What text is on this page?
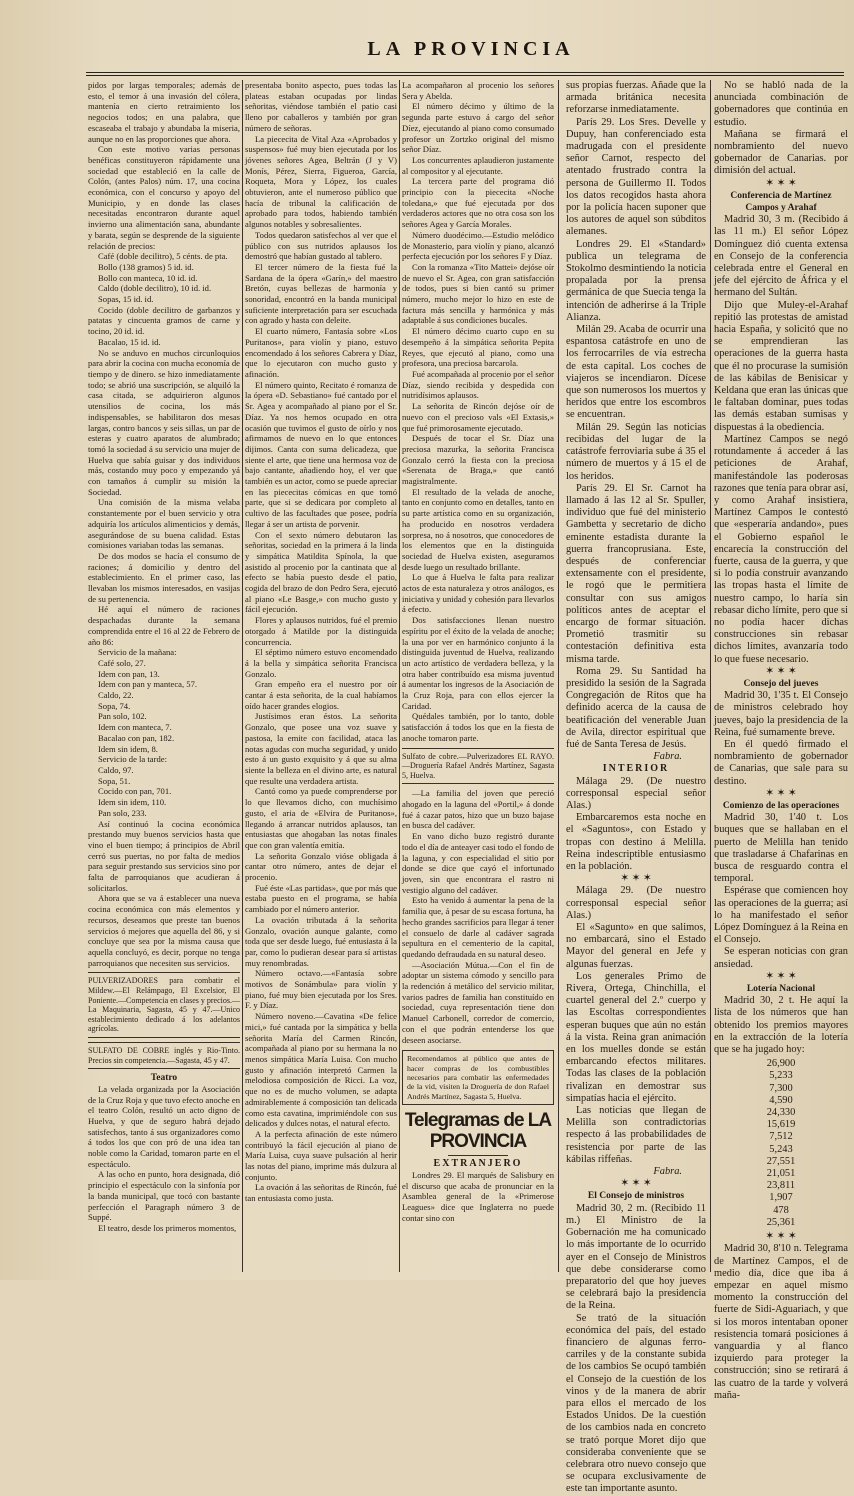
LA PROVINCIA

pidos por largas temporales; además de esto, el temor á una invasión del cólera, mantenía en cierto retraimiento los negocios todos; en una palabra, que escaseaba el trabajo y abundaba la miseria, aunque no en las proporciones que ahora.

Con este motivo varias personas benéficas constituyeron rápidamente una sociedad que estableció en la calle de Colón, (antes Palos) núm. 17, una cocina económica, con el concurso y apoyo del Municipio, y en donde las clases necesitadas encontraron durante aquel invierno una alimentación sana, abundante y barata, según se desprende de la siguiente relación de precios:

Café (doble decilitro), 5 cénts. de pta.

Bollo (138 gramos) 5 id. id.

Bollo con manteca, 10 id. id.

Caldo (doble decilitro), 10 id. id.

Sopas, 15 id. id.

Cocido (doble decilitro de garbanzos y patatas y cincuenta gramos de carne y tocino, 20 id. id.

Bacalao, 15 id. id.

No se anduvo en muchos circunloquios para abrir la cocina con mucha economía de tiempo y de dinero. se hizo inmediatamente todo; se abrió una suscripción, se alquiló la casa citada, se adquirieron algunos utensilios de cocina, los más indispensables, se habilitaron dos mesas largas, contro bancos y seis sillas, un par de esteras y cuatro aparatos de alumbrado; tomó la sociedad á su servicio una mujer de Huelva que sabía guisar y dos individuos más, costando muy poco y empezando yá con tamaños á cumplir su misión la Sociedad.

Una comisión de la misma velaba constantemente por el buen servicio y otra adquiría los artículos alimenticios y demás, asegurándose de su buena calidad. Estas comisiones variaban todas las semanas.

De dos modos se hacía el consumo de raciones; á domicilio y dentro del establecimiento. En el primer caso, las llevaban los mismos interesados, en vasijas de su pertenencia.

Hé aquí el número de raciones despachadas durante la semana comprendida entre el 16 al 22 de Febrero de año 86:

Servicio de la mañana:

Café solo, 27.

Idem con pan, 13.

Idem con pan y manteca, 57.

Caldo, 22.

Sopa, 74.

Pan solo, 102.

Idem con manteca, 7.

Bacalao con pan, 182.

Idem sin idem, 8.

Servicio de la tarde:

Caldo, 97.

Sopa, 51.

Cocido con pan, 701.

Idem sin idem, 110.

Pan solo, 233.

Así continuó la cocina económica prestando muy buenos servicios hasta que vino el buen tiempo; á principios de Abril cerró sus puertas, no por falta de medios para seguir prestando sus servicios sino por falta de parroquianos que acudieran á solicitarlos.

Ahora que se va á establecer una nueva cocina económica con más elementos y recursos, deseamos que preste tan buenos servicios ó mejores que aquella del 86, y si concluye que sea por la misma causa que aquella concluyó, es decir, porque no tenga parroquianos que necesiten sus servicios.

PULVERIZADORES para combatir el Mildew.—El Relámpago, El Excelsior, El Poniente.—Competencia en clases y precios.—La Maquinaria, Sagasta, 45 y 47.—Unico establecimiento dedicado á los adelantos agrícolas.

SULFATO DE COBRE inglés y Rio-Tinto. Precios sin competencia.—Sagasta, 45 y 47.

Teatro

La velada organizada por la Asociación de la Cruz Roja y que tuvo efecto anoche en el teatro Colón, resultó un acto digno de Huelva, y que de seguro habrá dejado satisfechos, tanto á sus organizadores como á todos los que con pró de una idea tan noble como la Caridad, tomaron parte en el espectáculo.

A las ocho en punto, hora designada, dió principio el espectáculo con la sinfonía por la banda municipal, que tocó con bastante perfección el Paragraph número 3 de Suppé.

El teatro, desde los primeros momentos,

presentaba bonito aspecto, pues todas las plateas estaban ocupadas por lindas señoritas, viéndose también el patio casi lleno por caballeros y también por gran número de señoras.

La piececita de Vital Aza «Aprobados y suspensos» fué muy bien ejecutada por los jóvenes señores Agea, Beltrán (J y V) Monís, Pérez, Sierra, Figueroa, García, Roqueta, Mora y López, los cuales obtuvieron, ante el numeroso público que hacía de tribunal la calificación de aprobado para todos, habiendo también algunos notables y sobresalientes.

Todos quedaron satisfechos al ver que el público con sus nutridos aplausos los demostró que habían gustado al tablero.

El tercer número de la fiesta fué la Sardana de la ópera «Garín,» del maestro Bretón, cuyas bellezas de harmonía y sonoridad, encontró en la banda municipal suficiente interpretación para ser escuchada con agrado y hasta con deleite.

El cuarto número, Fantasía sobre «Los Puritanos», para violín y piano, estuvo encomendado á los señores Cabrera y Díaz, que lo ejecutaron con mucho gusto y afinación.

El número quinto, Recitato é romanza de la ópera «D. Sebastiano» fué cantado por el Sr. Agea y acompañado al piano por el Sr. Díaz. Ya nos hemos ocupado en otra ocasión que tuvimos el gusto de oírlo y nos afirmamos de nuevo en lo que entonces dijimos. Canta con suma delicadeza, que siente el arte, que tiene una hermosa voz de bajo cantante, añadiendo hoy, el ver que también es un actor, como se puede apreciar en las piececitas cómicas en que tomó parte, que si se dedicara por completo al cultivo de las facultades que posee, podría llegar á ser un artista de porvenir.

Con el sexto número debutaron las señoritas, sociedad en la primera á la linda y simpática Matildita Spínola, la que asistido al procenio por la cantinata que al efecto se había puesto desde el patio, cogida del brazo de don Pedro Sera, ejecutó al piano «Le Basge,» con mucho gusto y fácil ejecución.

Flores y aplausos nutridos, fué el premio otorgado á Matilde por la distinguida concurrencia.

El séptimo número estuvo encomendado á la bella y simpática señorita Francisca Gonzalo.

Gran empeño era el nuestro por oír cantar á esta señorita, de la cual habíamos oído hacer grandes elogios.

Justísimos eran éstos. La señorita Gonzalo, que posee una voz suave y pastosa, la emite con facilidad, ataca las notas agudas con mucha seguridad, y unido esto á un gusto exquisito y á que su alma siente la belleza en el divino arte, es natural que resulte una verdadera artista.

Cantó como ya puede comprenderse por lo que llevamos dicho, con muchísimo gusto, el aria de «Elvira de Puritanos», llegando á arrancar nutridos aplausos, tan entusiastas que ahogaban las notas finales que con gran valentía emitía.

La señorita Gonzalo vióse obligada á cantar otro número, antes de dejar el procenio.

Fué éste «Las partidas», que por más que estaba puesto en el programa, se había cambiado por el número anterior.

La ovación tributada á la señorita Gonzalo, ovación aunque galante, como toda que ser desde luego, fué entusiasta á la par, como lo pudieran desear para sí artistas muy renombradas.

Número octavo.—«Fantasía sobre motivos de Sonámbula» para violín y piano, fué muy bien ejecutada por los Sres. F. y Díaz.

Número noveno.—Cavatina «De felice mici,» fué cantada por la simpática y bella señorita María del Carmen Rincón, acompañada al piano por su hermana la no menos simpática María Luisa. Con mucho gusto y afinación interpretó Carmen la melodiosa composición de Ricci. La voz, que no es de mucho volumen, se adapta admirablemente á composición tan delicada como esta cavatina, imprimiéndole con sus delicados y dulces notas, el natural efecto.

A la perfecta afinación de este número contribuyó la fácil ejecución al piano de María Luisa, cuya suave pulsación al herir las notas del piano, imprime más dulzura al conjunto.

La ovación á las señoritas de Rincón, fué tan entusiasta como justa.

La acompañaron al procenio los señores Sera y Abelda.

El número décimo y último de la segunda parte estuvo á cargo del señor Díez, ejecutando al piano como consumado profesor un Zortzko original del mismo señor Díaz.

Los concurrentes aplaudieron justamente al compositor y al ejecutante.

La tercera parte del programa dió principio con la piececita «Noche toledana,» que fué ejecutada por dos verdaderos actores que no otra cosa son los señores Agea y García Morales.

Número duodécimo.—Estudio melódico de Monasterio, para violín y piano, alcanzó perfecta ejecución por los señores F y Díaz.

Con la romanza «Tito Mattei» dejóse oír de nuevo el Sr. Agea, con gran satisfacción de todos, pues si bien cantó su primer número, mucho mejor lo hizo en este de factura más sencilla y harmónica y más adaptable á sus condiciones bucales.

El número décimo cuarto cupo en su desempeño á la simpática señorita Pepita Reyes, que ejecutó al piano, como una profesora, una preciosa barcarola.

Fué acompañada al procenio por el señor Díaz, siendo recibida y despedida con nutridísimos aplausos.

La señorita de Rincón dejóse oír de nuevo con el precioso vals «El Extasis,» que fué primorosamente ejecutado.

Después de tocar el Sr. Díaz una preciosa mazurka, la señorita Francisca Gonzalo cerró la fiesta con la preciosa «Serenata de Braga,» que cantó magistralmente.

El resultado de la velada de anoche, tanto en conjunto como en detalles, tanto en su parte artística como en su organización, ha producido en nosotros verdadera sorpresa, no á nosotros, que conocedores de los elementos que en la distinguida sociedad de Huelva existen, aseguramos desde luego un resultado brillante.

Lo que á Huelva le falta para realizar actos de esta naturaleza y otros análogos, es iniciativa y unidad y cohesión para llevarlos á efecto.

Dos satisfacciones llenan nuestro espíritu por el éxito de la velada de anoche; la una por ver en harmónico conjunto á la distinguida juventud de Huelva, realizando un acto artístico de verdadera belleza, y la otra haber contribuído esa misma juventud á aumentar los ingresos de la Asociación de la Cruz Roja, para con ellos ejercer la Caridad.

Quédales también, por lo tanto, doble satisfacción á todos los que en la fiesta de anoche tomaron parte.

Sulfato de cobre.—Pulverizadores EL RAYO.—Droguería Rafael Andrés Martínez, Sagasta 5, Huelva.

—La familia del joven que pereció ahogado en la laguna del «Portil,» á donde fué á cazar patos, hizo que un buzo bajase en busca del cadáver.

En vano dicho buzo registró durante todo el día de anteayer casi todo el fondo de la laguna, y con especialidad el sitio por donde se dice que cayó el infortunado joven, sin que encontrara el rastro ni vestigio alguno del cadáver.

Esto ha venido á aumentar la pena de la familia que, á pesar de su escasa fortuna, ha hecho grandes sacrificios para llegar á tener el consuelo de darle al cadáver sagrada sepultura en el cementerio de la capital, quedando defraudada en su natural deseo.

—Asociación Mútua.—Con el fin de adoptar un sistema cómodo y sencillo para la redención á metálico del servicio militar, varios padres de familia han constituído en sociedad, cuya representación tiene don Manuel Carbonell, corredor de comercio, con el que podrán entenderse los que deseen asociarse.

Recomendamos al público que antes de hacer compras de los combustibles necesarios para combatir las enfermedades de la vid, visiten la Droguería de don Rafael Andrés Martínez, Sagasta 5, Huelva.

Telegramas de LA PROVINCIA

EXTRANJERO

Londres 29. El marqués de Salisbury en el discurso que acaba de pronunciar en la Asamblea general de la «Primerose Leagues» dice que Inglaterra no puede contar sino con

sus propias fuerzas. Añade que la armada británica necesita reforzarse inmediatamente.

París 29. Los Sres. Develle y Dupuy, han conferenciado esta madrugada con el presidente señor Carnot, respecto del atentado frustrado contra la persona de Guillermo II. Todos los datos recogidos hasta ahora por la policía hacen suponer que los autores de aquel son súbditos alemanes.

Londres 29. El «Standard» publica un telegrama de Stokolmo desmintiendo la noticia propalada por la prensa germánica de que Suecia tenga la intención de adherirse á la Triple Alianza.

Milán 29. Acaba de ocurrir una espantosa catástrofe en uno de los ferrocarriles de vía estrecha de esta capital. Los coches de viajeros se incendiaron. Dícese que son numerosos los muertos y heridos que entre los escombros se encuentran.

Milán 29. Según las noticias recibidas del lugar de la catástrofe ferroviaria sube á 35 el número de muertos y á 15 el de los heridos.

París 29. El Sr. Carnot ha llamado á las 12 al Sr. Spuller, individuo que fué del ministerio Gambetta y secretario de dicho eminente estadista durante la guerra francoprusiana. Este, después de conferenciar extensamente con el presidente, le rogó que le permitiera consultar con sus amigos políticos antes de aceptar el encargo de formar situación. Prometió trasmitir su contestación definitiva esta misma tarde.

Roma 29. Su Santidad ha presidido la sesión de la Sagrada Congregación de Ritos que ha definido acerca de la causa de beatificación del venerable Juan de Avila, director espiritual que fué de Santa Teresa de Jesús.

Fabra.

INTERIOR

Málaga 29. (De nuestro corresponsal especial señor Alas.)

Embarcaremos esta noche en el «Saguntos», con Estado y tropas con destino á Melilla. Reina indescriptible entusiasmo en la población.

✶ ✶ ✶

Málaga 29. (De nuestro corresponsal especial señor Alas.)

El «Sagunto» en que salimos, no embarcará, sino el Estado Mayor del general en Jefe y algunas fuerzas.

Los generales Primo de Rivera, Ortega, Chinchilla, el cuartel general del 2.º cuerpo y las Escoltas correspondientes esperan buques que aún no están á la vista. Reina gran animación en los muelles donde se están embarcando efectos militares. Todas las clases de la población rivalizan en demostrar sus simpatías hacia el ejército.

Las noticias que llegan de Melilla son contradictorias respecto á las probabilidades de resistencia por parte de las kábilas riffeñas.

Fabra.

✶ ✶ ✶

El Consejo de ministros

Madrid 30, 2 m. (Recibido 11 m.) El Ministro de la Gobernación me ha comunicado lo más importante de lo ocurrido ayer en el Consejo de Ministros que debe considerarse como preparatorio del que hoy jueves se celebrará bajo la presidencia de la Reina.

Se trató de la situación económica del país, del estado financiero de algunas ferro-carriles y de la constante subida de los cambios Se ocupó también el Consejo de la cuestión de los vinos y de la manera de abrir para ellos el mercado de los Estados Unidos. De la cuestión de los cambios nada en concreto se trató porque Moret dijo que consideraba conveniente que se celebrara otro nuevo consejo que se ocupara exclusivamente de este tan importante asunto.

No se habló nada de la anunciada combinación de gobernadores que continúa en estudio.

Mañana se firmará el nombramiento del nuevo gobernador de Canarias. por dimisión del actual.

✶ ✶ ✶

Conferencia de Martínez Campos y Arahaf

Madrid 30, 3 m. (Recibido á las 11 m.) El señor López Domínguez dió cuenta extensa en Consejo de la conferencia celebrada entre el General en jefe del ejército de África y el hermano del Sultán.

Dijo que Muley-el-Arahaf repitió las protestas de amistad hacia España, y solicitó que no se emprendieran las operaciones de la guerra hasta que él no procurase la sumisión de las kábilas de Benisicar y Keldana que eran las únicas que le faltaban dominar, pues todas las demás estaban sumisas y dispuestas á la obediencia.

Martínez Campos se negó rotundamente á acceder á las peticiones de Arahaf, manifestándole las poderosas razones que tenía para obrar así, y como Arahaf insistiera, Martínez Campos le contestó que «esperaría andando», pues el Gobierno español le encarecía la construcción del fuerte, causa de la guerra, y que si lo podía construir avanzando las tropas hasta el límite de nuestro campo, lo haría sin rebasar dicho límite, pero que si no podía hacer dichas construcciones sin rebasar dichos límites, avanzaría todo lo que fuese necesario.

✶ ✶ ✶

Consejo del jueves

Madrid 30, 1'35 t. El Consejo de ministros celebrado hoy jueves, bajo la presidencia de la Reina, fué sumamente breve.

En él quedó firmado el nombramiento de gobernador de Canarias, que sale para su destino.

✶ ✶ ✶

Comienzo de las operaciones

Madrid 30, 1'40 t. Los buques que se hallaban en el puerto de Melilla han tenido que trasladarse á Chafarinas en busca de resguardo contra el temporal.

Espérase que comiencen hoy las operaciones de la guerra; así lo ha manifestado el señor López Domínguez á la Reina en el Consejo.

Se esperan noticias con gran ansiedad.

✶ ✶ ✶

Lotería Nacional

Madrid 30, 2 t. He aquí la lista de los números que han obtenido los premios mayores en la extracción de la lotería que se ha jugado hoy:

26,900
5,233
7,300
4,590
24,330
15,619
7,512
5,243
27,551
21,051
23,811
1,907
478
25,361

✶ ✶ ✶

Madrid 30, 8'10 n. Telegrama de Martínez Campos, el de medio día, dice que iba á empezar en aquel mismo momento la construcción del fuerte de Sidi-Aguariach, y que si los moros intentaban oponer resistencia tomará posiciones á vanguardia y al flanco izquierdo para proteger la construcción; sino se retirará á las cuatro de la tarde y volverá maña-
